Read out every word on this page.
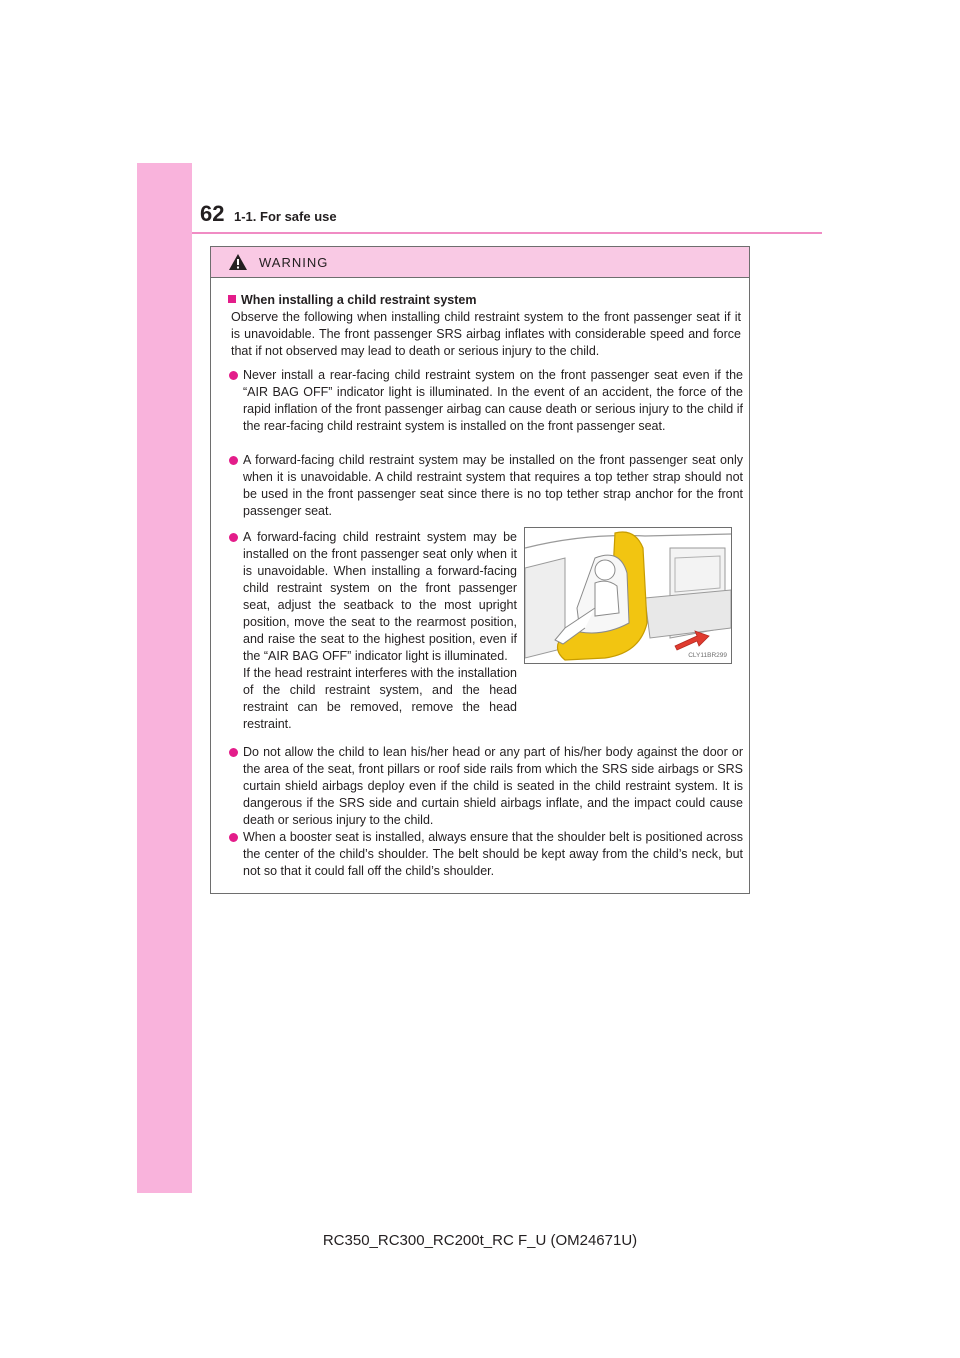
62 1-1. For safe use
WARNING
When installing a child restraint system
Observe the following when installing child restraint system to the front passenger seat if it is unavoidable. The front passenger SRS airbag inflates with considerable speed and force that if not observed may lead to death or serious injury to the child.
Never install a rear-facing child restraint system on the front passenger seat even if the “AIR BAG OFF” indicator light is illuminated. In the event of an accident, the force of the rapid inflation of the front passenger airbag can cause death or serious injury to the child if the rear-facing child restraint system is installed on the front passenger seat.
A forward-facing child restraint system may be installed on the front passenger seat only when it is unavoidable. A child restraint system that requires a top tether strap should not be used in the front passenger seat since there is no top tether strap anchor for the front passenger seat.
A forward-facing child restraint system may be installed on the front passenger seat only when it is unavoidable. When installing a forward-facing child restraint system on the front passenger seat, adjust the seatback to the most upright position, move the seat to the rearmost position, and raise the seat to the highest position, even if the “AIR BAG OFF” indicator light is illuminated.
If the head restraint interferes with the installation of the child restraint system, and the head restraint can be removed, remove the head restraint.
CLY11BR299
Do not allow the child to lean his/her head or any part of his/her body against the door or the area of the seat, front pillars or roof side rails from which the SRS side airbags or SRS curtain shield airbags deploy even if the child is seated in the child restraint system. It is dangerous if the SRS side and curtain shield airbags inflate, and the impact could cause death or serious injury to the child.
When a booster seat is installed, always ensure that the shoulder belt is positioned across the center of the child’s shoulder. The belt should be kept away from the child’s neck, but not so that it could fall off the child’s shoulder.
RC350_RC300_RC200t_RC F_U (OM24671U)
